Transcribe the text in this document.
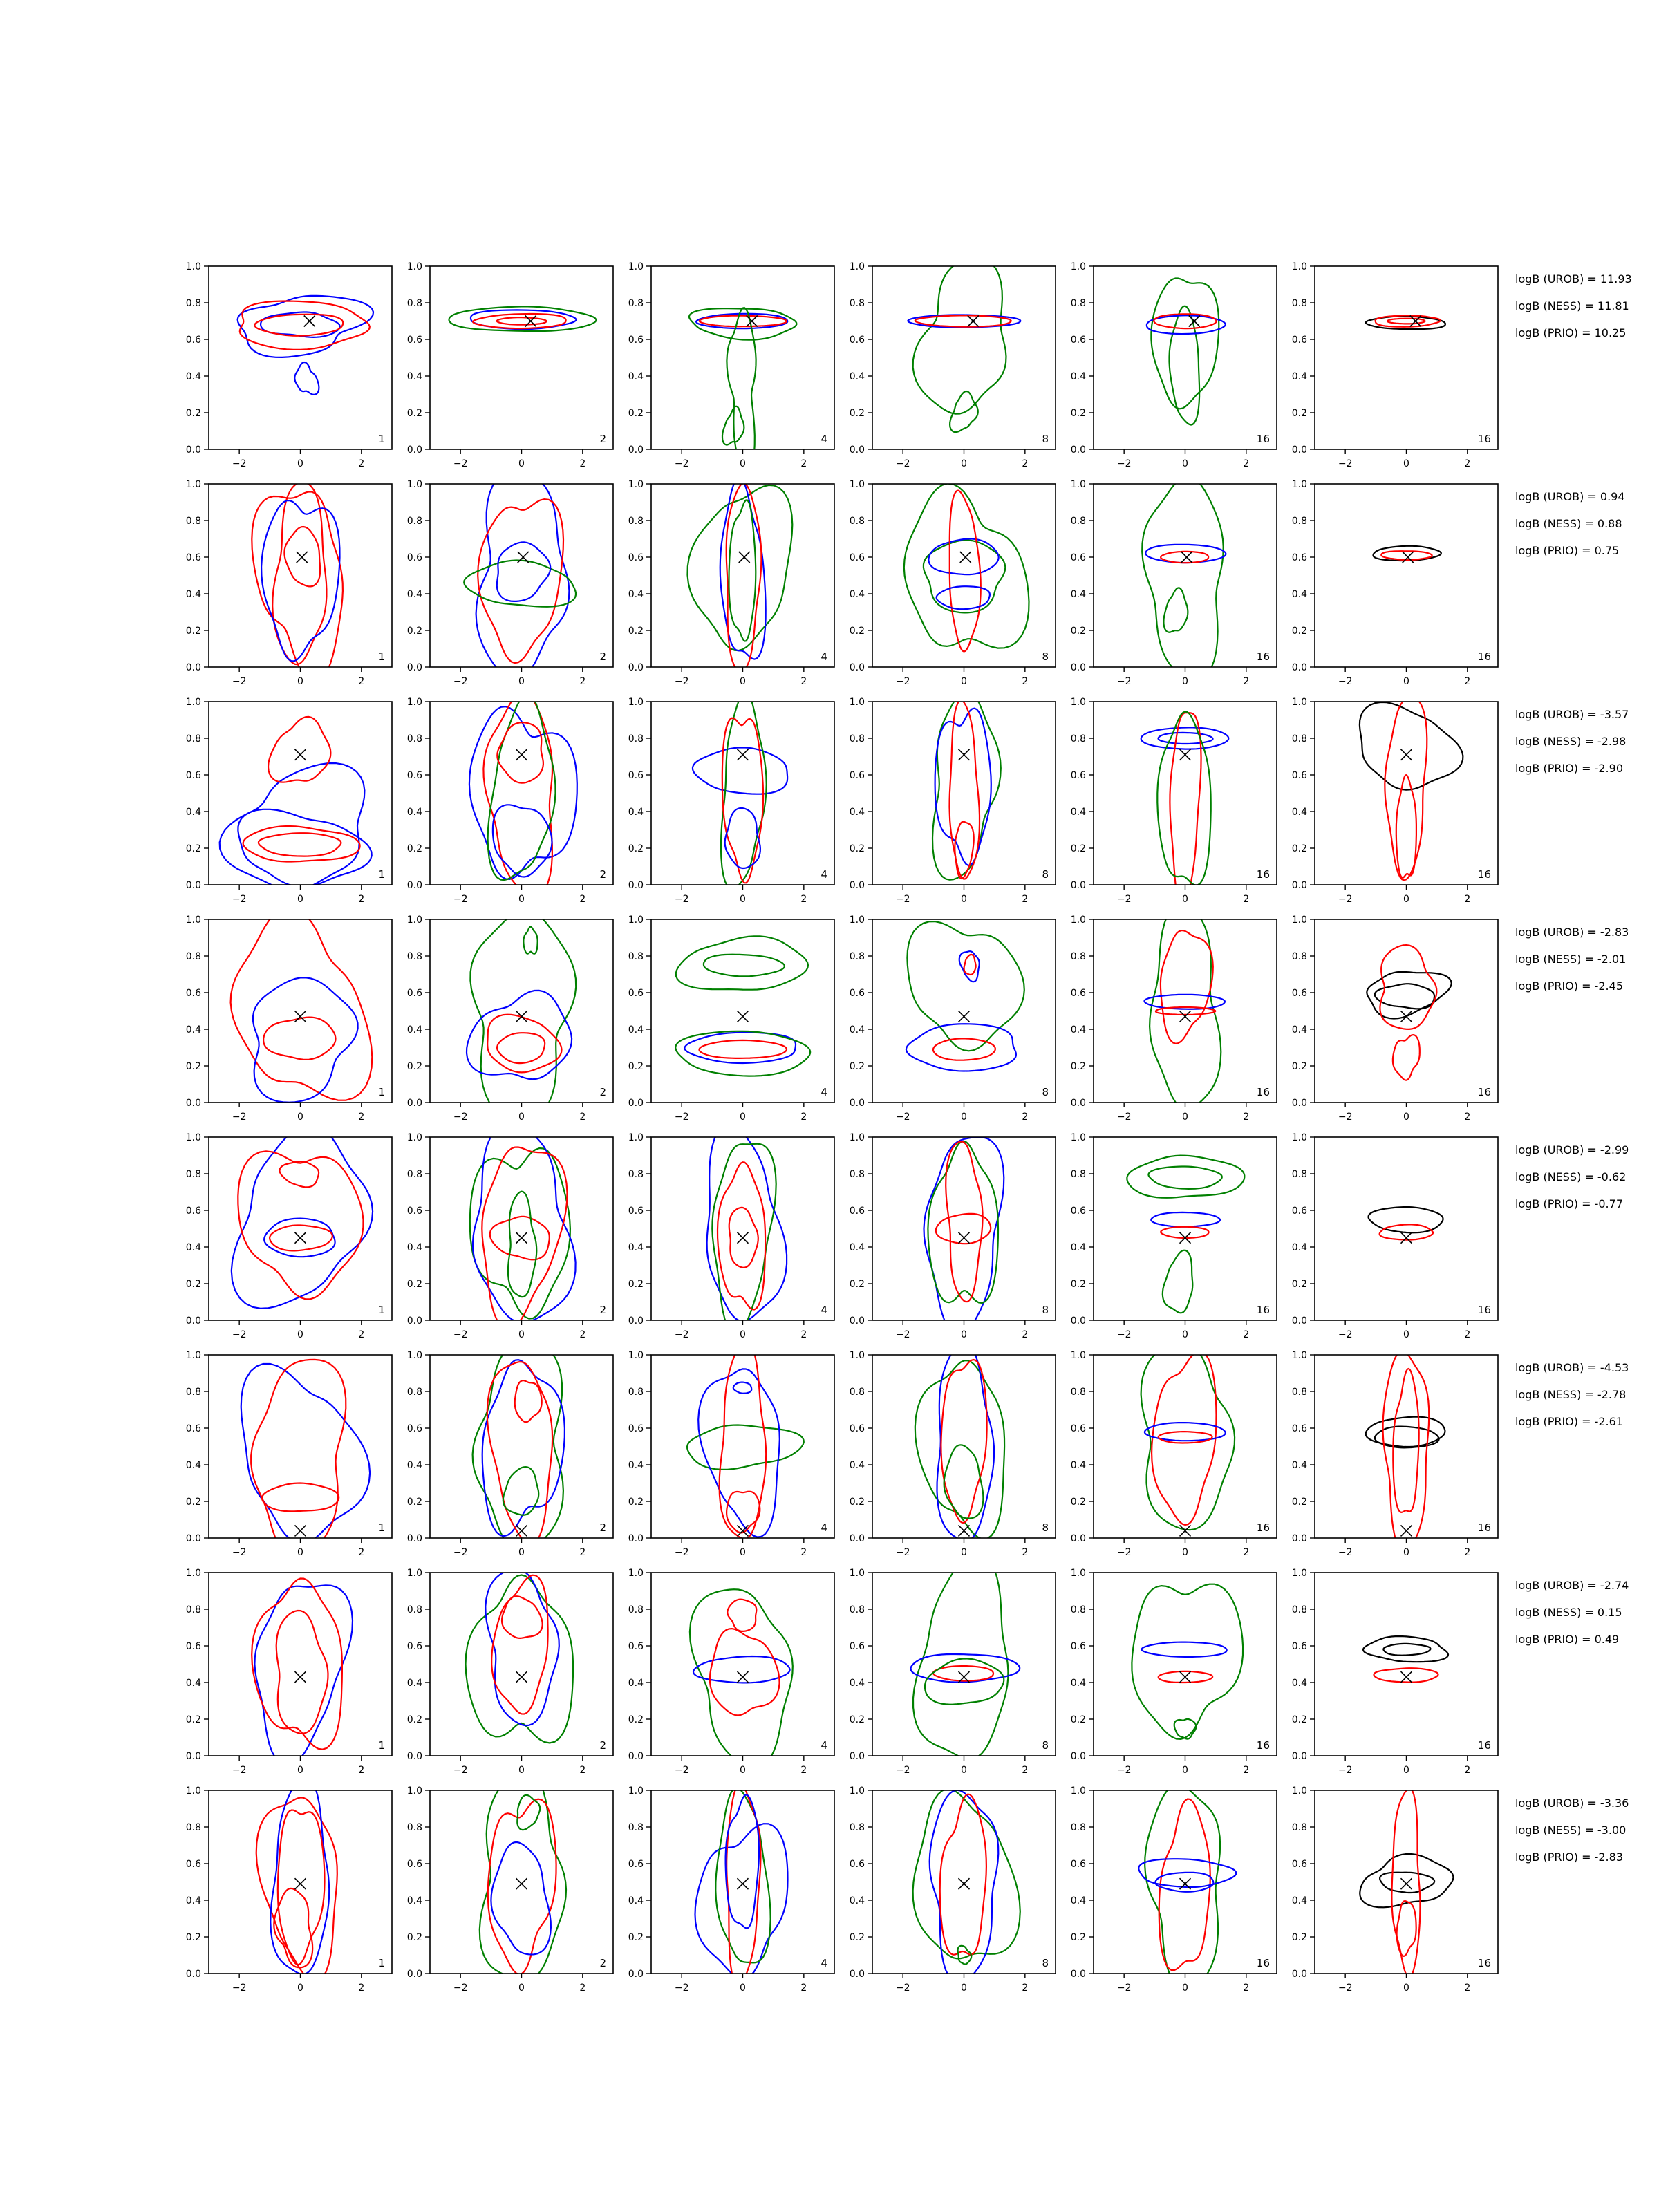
0.0
0.2
0.4
0.6
0.8
1.0
−2	0	2
1
0.0
0.2
0.4
0.6
0.8
1.0
−2	0	2
2
0.0
0.2
0.4
0.6
0.8
1.0
−2	0	2
4
0.0
0.2
0.4
0.6
0.8
1.0
−2	0	2
8
0.0
0.2
0.4
0.6
0.8
1.0
−2	0	2
16
0.0
0.2
0.4
0.6
0.8
1.0
−2	0	2
16
logB (UROB) = 11.93
logB (NESS) = 11.81
logB (PRIO) = 10.25
0.0
0.2
0.4
0.6
0.8
1.0
−2	0	2
1
0.0
0.2
0.4
0.6
0.8
1.0
−2	0	2
2
0.0
0.2
0.4
0.6
0.8
1.0
−2	0	2
4
0.0
0.2
0.4
0.6
0.8
1.0
−2	0	2
8
0.0
0.2
0.4
0.6
0.8
1.0
−2	0	2
16
0.0
0.2
0.4
0.6
0.8
1.0
−2	0	2
16
logB (UROB) = 0.94
logB (NESS) = 0.88
logB (PRIO) = 0.75
0.0
0.2
0.4
0.6
0.8
1.0
−2	0	2
1
0.0
0.2
0.4
0.6
0.8
1.0
−2	0	2
2
0.0
0.2
0.4
0.6
0.8
1.0
−2	0	2
4
0.0
0.2
0.4
0.6
0.8
1.0
−2	0	2
8
0.0
0.2
0.4
0.6
0.8
1.0
−2	0	2
16
0.0
0.2
0.4
0.6
0.8
1.0
−2	0	2
16
logB (UROB) = -3.57
logB (NESS) = -2.98
logB (PRIO) = -2.90
0.0
0.2
0.4
0.6
0.8
1.0
−2	0	2
1
0.0
0.2
0.4
0.6
0.8
1.0
−2	0	2
2
0.0
0.2
0.4
0.6
0.8
1.0
−2	0	2
4
0.0
0.2
0.4
0.6
0.8
1.0
−2	0	2
8
0.0
0.2
0.4
0.6
0.8
1.0
−2	0	2
16
0.0
0.2
0.4
0.6
0.8
1.0
−2	0	2
16
logB (UROB) = -2.83
logB (NESS) = -2.01
logB (PRIO) = -2.45
0.0
0.2
0.4
0.6
0.8
1.0
−2	0	2
1
0.0
0.2
0.4
0.6
0.8
1.0
−2	0	2
2
0.0
0.2
0.4
0.6
0.8
1.0
−2	0	2
4
0.0
0.2
0.4
0.6
0.8
1.0
−2	0	2
8
0.0
0.2
0.4
0.6
0.8
1.0
−2	0	2
16
0.0
0.2
0.4
0.6
0.8
1.0
−2	0	2
16
logB (UROB) = -2.99
logB (NESS) = -0.62
logB (PRIO) = -0.77
0.0
0.2
0.4
0.6
0.8
1.0
−2	0	2
1
0.0
0.2
0.4
0.6
0.8
1.0
−2	0	2
2
0.0
0.2
0.4
0.6
0.8
1.0
−2	0	2
4
0.0
0.2
0.4
0.6
0.8
1.0
−2	0	2
8
0.0
0.2
0.4
0.6
0.8
1.0
−2	0	2
16
0.0
0.2
0.4
0.6
0.8
1.0
−2	0	2
16
logB (UROB) = -4.53
logB (NESS) = -2.78
logB (PRIO) = -2.61
0.0
0.2
0.4
0.6
0.8
1.0
−2	0	2
1
0.0
0.2
0.4
0.6
0.8
1.0
−2	0	2
2
0.0
0.2
0.4
0.6
0.8
1.0
−2	0	2
4
0.0
0.2
0.4
0.6
0.8
1.0
−2	0	2
8
0.0
0.2
0.4
0.6
0.8
1.0
−2	0	2
16
0.0
0.2
0.4
0.6
0.8
1.0
−2	0	2
16
logB (UROB) = -2.74
logB (NESS) = 0.15
logB (PRIO) = 0.49
0.0
0.2
0.4
0.6
0.8
1.0
−2	0	2
1
0.0
0.2
0.4
0.6
0.8
1.0
−2	0	2
2
0.0
0.2
0.4
0.6
0.8
1.0
−2	0	2
4
0.0
0.2
0.4
0.6
0.8
1.0
−2	0	2
8
0.0
0.2
0.4
0.6
0.8
1.0
−2	0	2
16
0.0
0.2
0.4
0.6
0.8
1.0
−2	0	2
16
logB (UROB) = -3.36
logB (NESS) = -3.00
logB (PRIO) = -2.83
